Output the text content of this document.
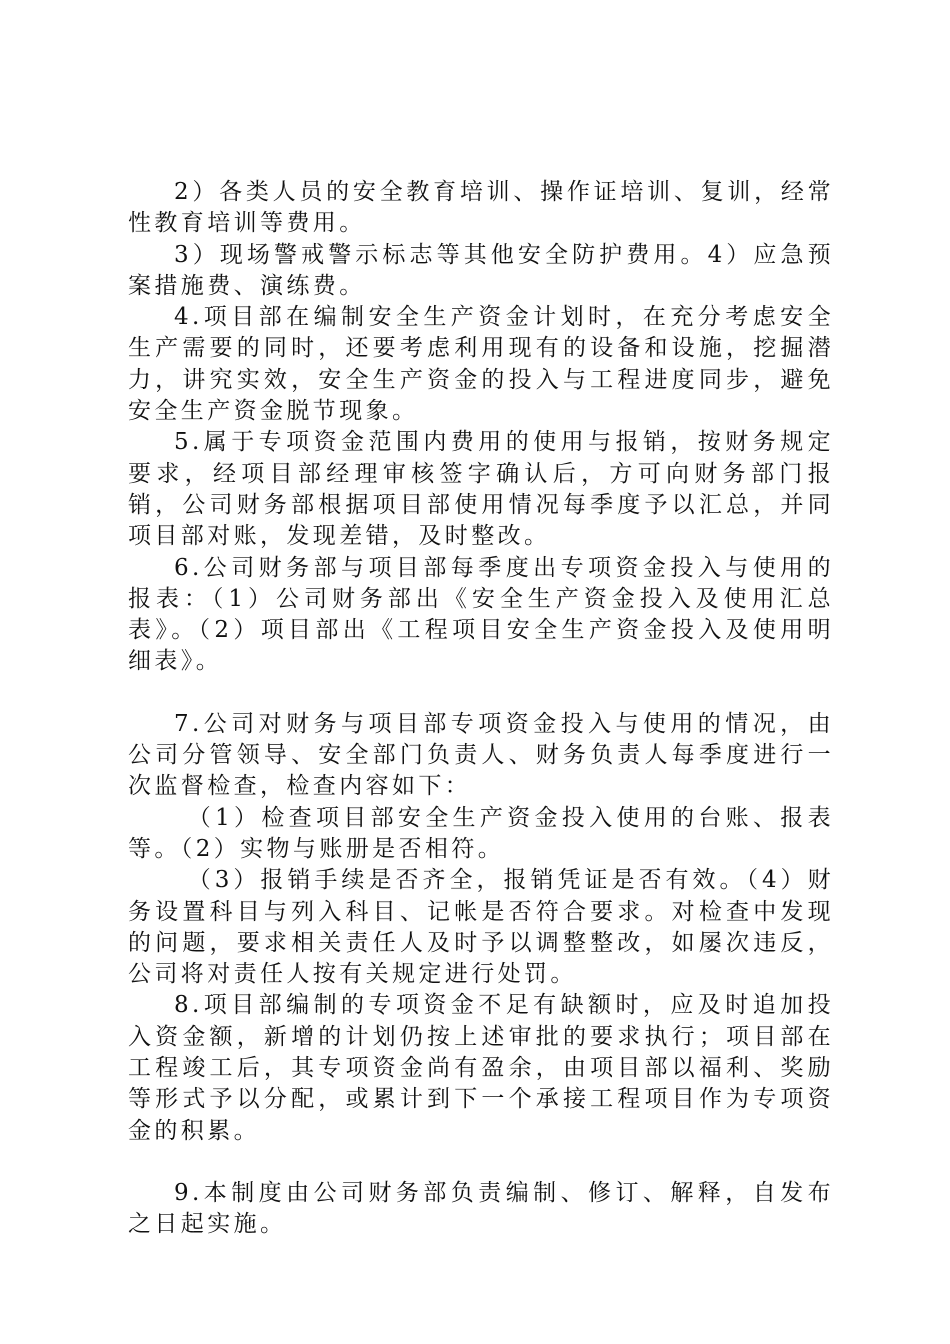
2）各类人员的安全教育培训、操作证培训、复训，经常性教育培训等费用。

3）现场警戒警示标志等其他安全防护费用。4）应急预案措施费、演练费。

4.项目部在编制安全生产资金计划时，在充分考虑安全生产需要的同时，还要考虑利用现有的设备和设施，挖掘潜力，讲究实效，安全生产资金的投入与工程进度同步，避免安全生产资金脱节现象。

5.属于专项资金范围内费用的使用与报销，按财务规定要求，经项目部经理审核签字确认后，方可向财务部门报销，公司财务部根据项目部使用情况每季度予以汇总，并同项目部对账，发现差错，及时整改。

6.公司财务部与项目部每季度出专项资金投入与使用的报表：（1）公司财务部出《安全生产资金投入及使用汇总表》。（2）项目部出《工程项目安全生产资金投入及使用明细表》。

7.公司对财务与项目部专项资金投入与使用的情况，由公司分管领导、安全部门负责人、财务负责人每季度进行一次监督检查，检查内容如下：

（1）检查项目部安全生产资金投入使用的台账、报表等。（2）实物与账册是否相符。

（3）报销手续是否齐全，报销凭证是否有效。（4）财务设置科目与列入科目、记帐是否符合要求。对检查中发现的问题，要求相关责任人及时予以调整整改，如屡次违反，公司将对责任人按有关规定进行处罚。

8.项目部编制的专项资金不足有缺额时，应及时追加投入资金额，新增的计划仍按上述审批的要求执行；项目部在工程竣工后，其专项资金尚有盈余，由项目部以福利、奖励等形式予以分配，或累计到下一个承接工程项目作为专项资金的积累。

9.本制度由公司财务部负责编制、修订、解释，自发布之日起实施。
